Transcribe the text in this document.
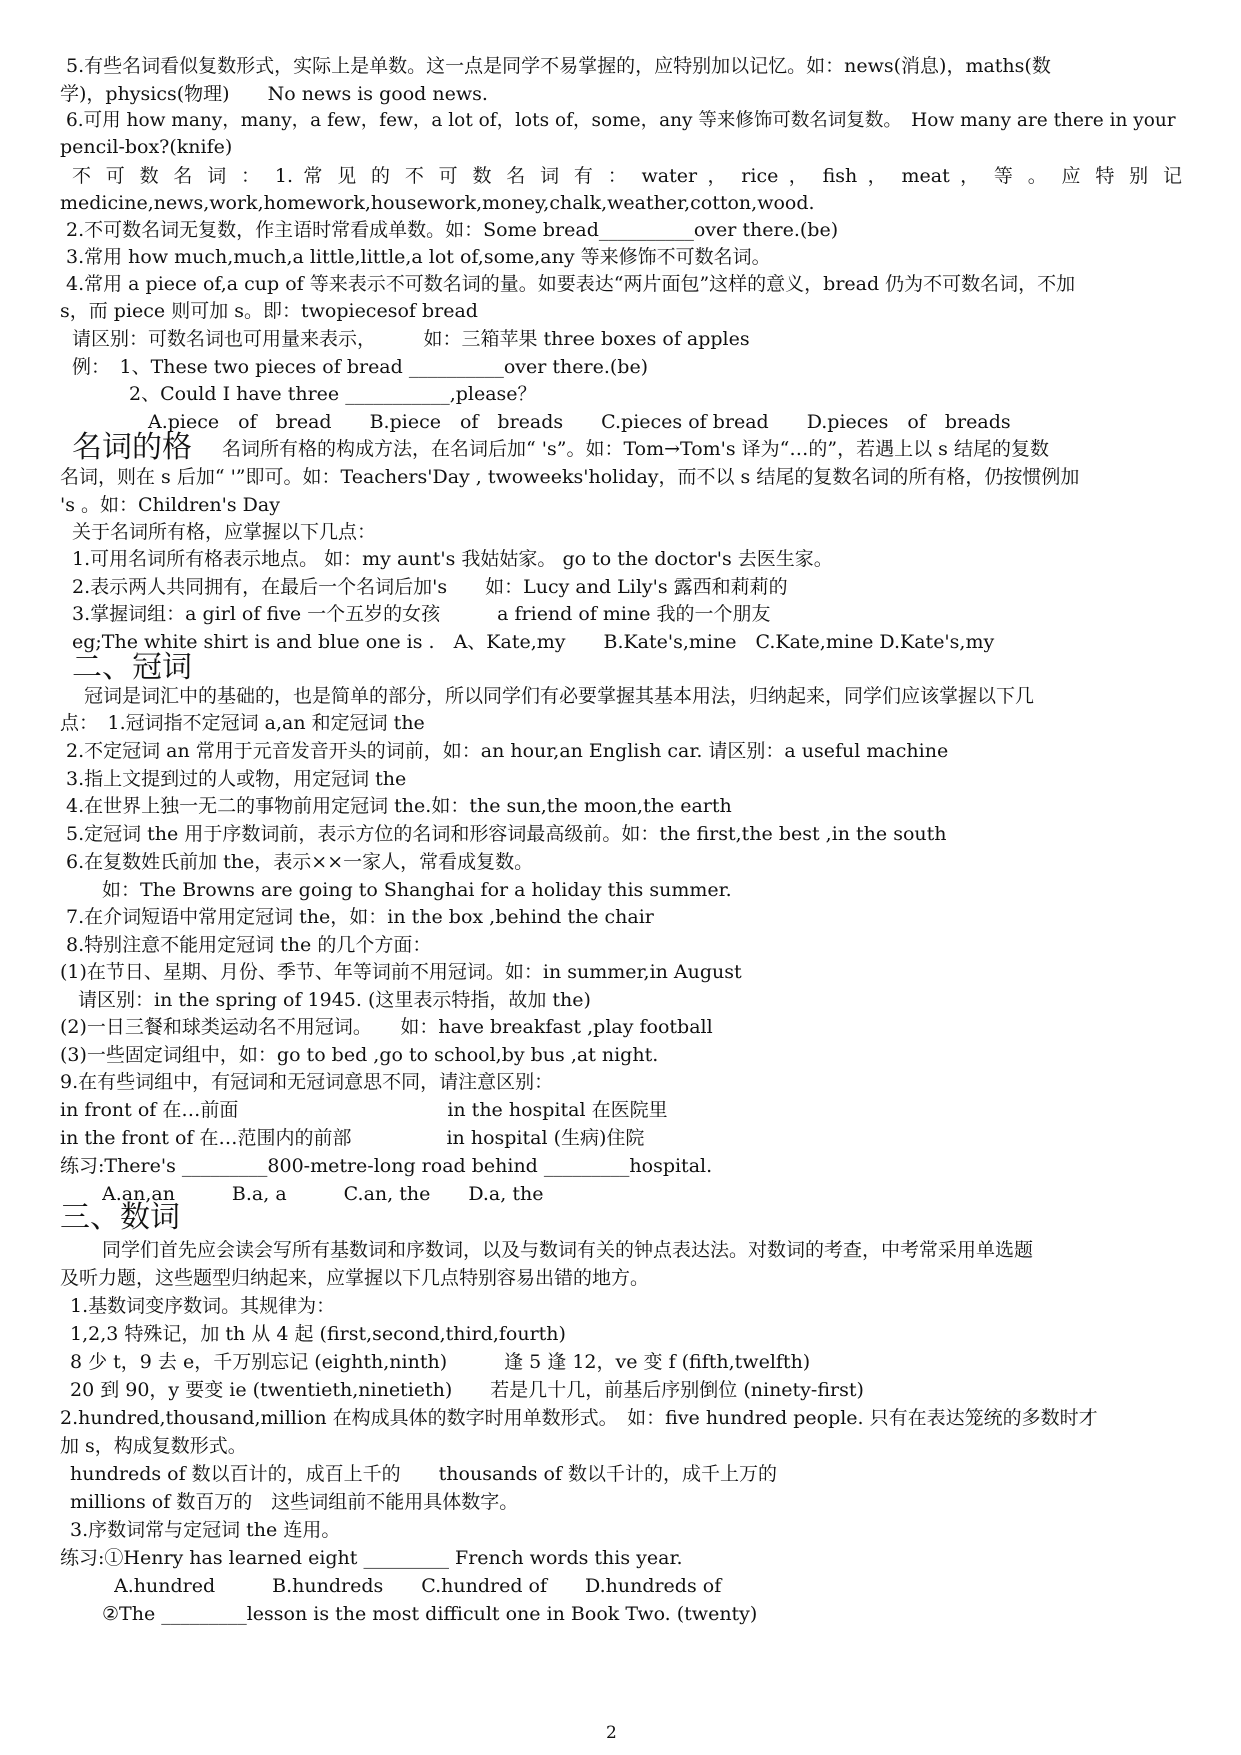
5.有些名词看似复数形式，实际上是单数。这一点是同学不易掌握的，应特别加以记忆。如：news(消息)，maths(数
学)，physics(物理)　　No news is good news.
6.可用 how many，many，a few，few，a lot of，lots of，some，any 等来修饰可数名词复数。　How many are there in your
pencil-box?(knife)
不 可 数 名 词 ： 1. 常 见 的 不 可 数 名 词 有 ： water ， rice ， fish ， meat ， 等 。 应 特 别 记
medicine,news,work,homework,housework,money,chalk,weather,cotton,wood.
2.不可数名词无复数，作主语时常看成单数。如：Some bread__________over there.(be)
3.常用 how much,much,a little,little,a lot of,some,any 等来修饰不可数名词。
4.常用 a piece of,a cup of 等来表示不可数名词的量。如要表达“两片面包”这样的意义，bread 仍为不可数名词，不加
s，而 piece 则可加 s。即：twopiecesof bread
请区别：可数名词也可用量来表示，　　　如：三箱苹果 three boxes of apples
例：　1、These two pieces of bread __________over there.(be)
　　　2、Could I have three ___________,please？
　　　　A.piece　of　bread　　B.piece　of　breads　　C.pieces of bread　　D.pieces　of　breads
名词的格	名词所有格的构成方法，在名词后加“ 's”。如：Tom→Tom's 译为“…的”，若遇上以 s 结尾的复数
名词，则在 s 后加“ '”即可。如：Teachers'Day , twoweeks'holiday，而不以 s 结尾的复数名词的所有格，仍按惯例加
's 。如：Children's Day
关于名词所有格，应掌握以下几点：
1.可用名词所有格表示地点。 如：my aunt's 我姑姑家。 go to the doctor's 去医生家。
2.表示两人共同拥有，在最后一个名词后加's　　如：Lucy and Lily's 露西和莉莉的
3.掌握词组：a girl of five 一个五岁的女孩　　　a friend of mine 我的一个朋友
eg;The white shirt is and blue one is .　A、Kate,my　　B.Kate's,mine　C.Kate,mine D.Kate's,my
二、冠词
冠词是词汇中的基础的，也是简单的部分，所以同学们有必要掌握其基本用法，归纳起来，同学们应该掌握以下几
点：　1.冠词指不定冠词 a,an 和定冠词 the
2.不定冠词 an 常用于元音发音开头的词前，如：an hour,an English car. 请区别：a useful machine
3.指上文提到过的人或物，用定冠词 the
4.在世界上独一无二的事物前用定冠词 the.如：the sun,the moon,the earth
5.定冠词 the 用于序数词前，表示方位的名词和形容词最高级前。如：the first,the best ,in the south
6.在复数姓氏前加 the，表示××一家人，常看成复数。
如：The Browns are going to Shanghai for a holiday this summer.
7.在介词短语中常用定冠词 the，如：in the box ,behind the chair
8.特别注意不能用定冠词 the 的几个方面：
(1)在节日、星期、月份、季节、年等词前不用冠词。如：in summer,in August
请区别：in the spring of 1945. (这里表示特指，故加 the)
(2)一日三餐和球类运动名不用冠词。　　如：have breakfast ,play football
(3)一些固定词组中，如：go to bed ,go to school,by bus ,at night.
9.在有些词组中，有冠词和无冠词意思不同，请注意区别：
in front of 在…前面　　　　　　　　　　　in the hospital 在医院里
in the front of 在…范围内的前部　　　　　in hospital (生病)住院
练习:There's _________800-metre-long road behind _________hospital.
A.an,an　　　B.a, a　　　C.an, the　　D.a, the
三、数词
同学们首先应会读会写所有基数词和序数词，以及与数词有关的钟点表达法。对数词的考查，中考常采用单选题
及听力题，这些题型归纳起来，应掌握以下几点特别容易出错的地方。
1.基数词变序数词。其规律为：
1,2,3 特殊记，加 th 从 4 起 (first,second,third,fourth)
8 少 t，9 去 e，千万别忘记 (eighth,ninth)　　　逢 5 逢 12，ve 变 f (fifth,twelfth)
20 到 90，y 要变 ie (twentieth,ninetieth)　　若是几十几，前基后序别倒位 (ninety-first)
2.hundred,thousand,million 在构成具体的数字时用单数形式。　如：five hundred people. 只有在表达笼统的多数时才
加 s，构成复数形式。
hundreds of 数以百计的，成百上千的　　thousands of 数以千计的，成千上万的
millions of 数百万的　这些词组前不能用具体数字。
3.序数词常与定冠词 the 连用。
练习:①Henry has learned eight _________ French words this year.
A.hundred　　　B.hundreds　　C.hundred of　　D.hundreds of
②The _________lesson is the most difficult one in Book Two. (twenty)
2
